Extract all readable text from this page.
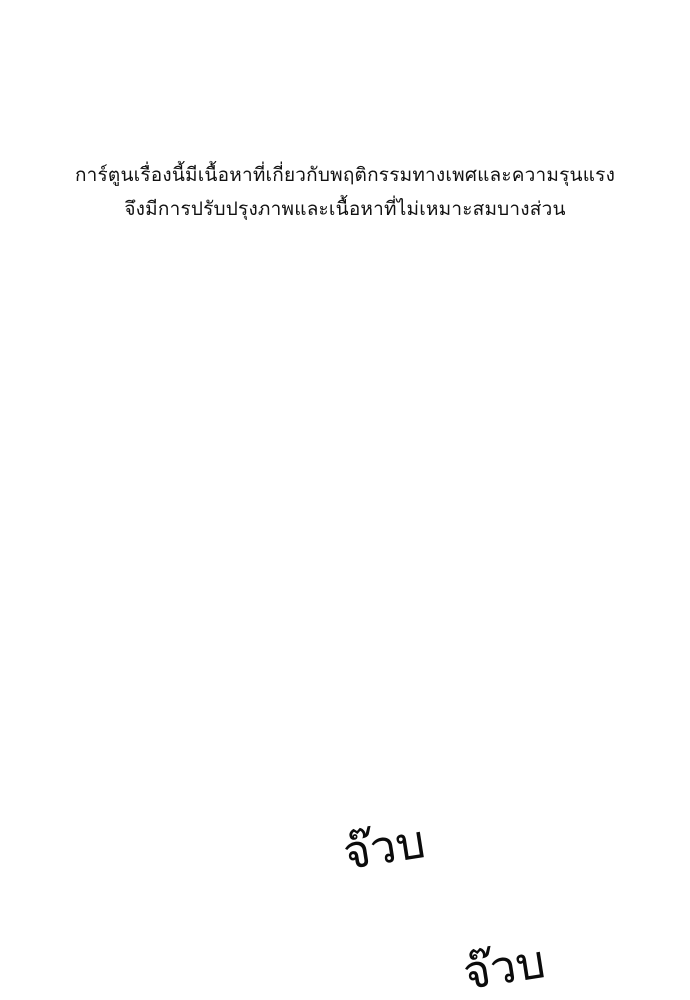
การ์ตูนเรื่องนี้มีเนื้อหาที่เกี่ยวกับพฤติกรรมทางเพศและความรุนแรง
จึงมีการปรับปรุงภาพและเนื้อหาที่ไม่เหมาะสมบางส่วน
จ๊วบ
จ๊วบ
